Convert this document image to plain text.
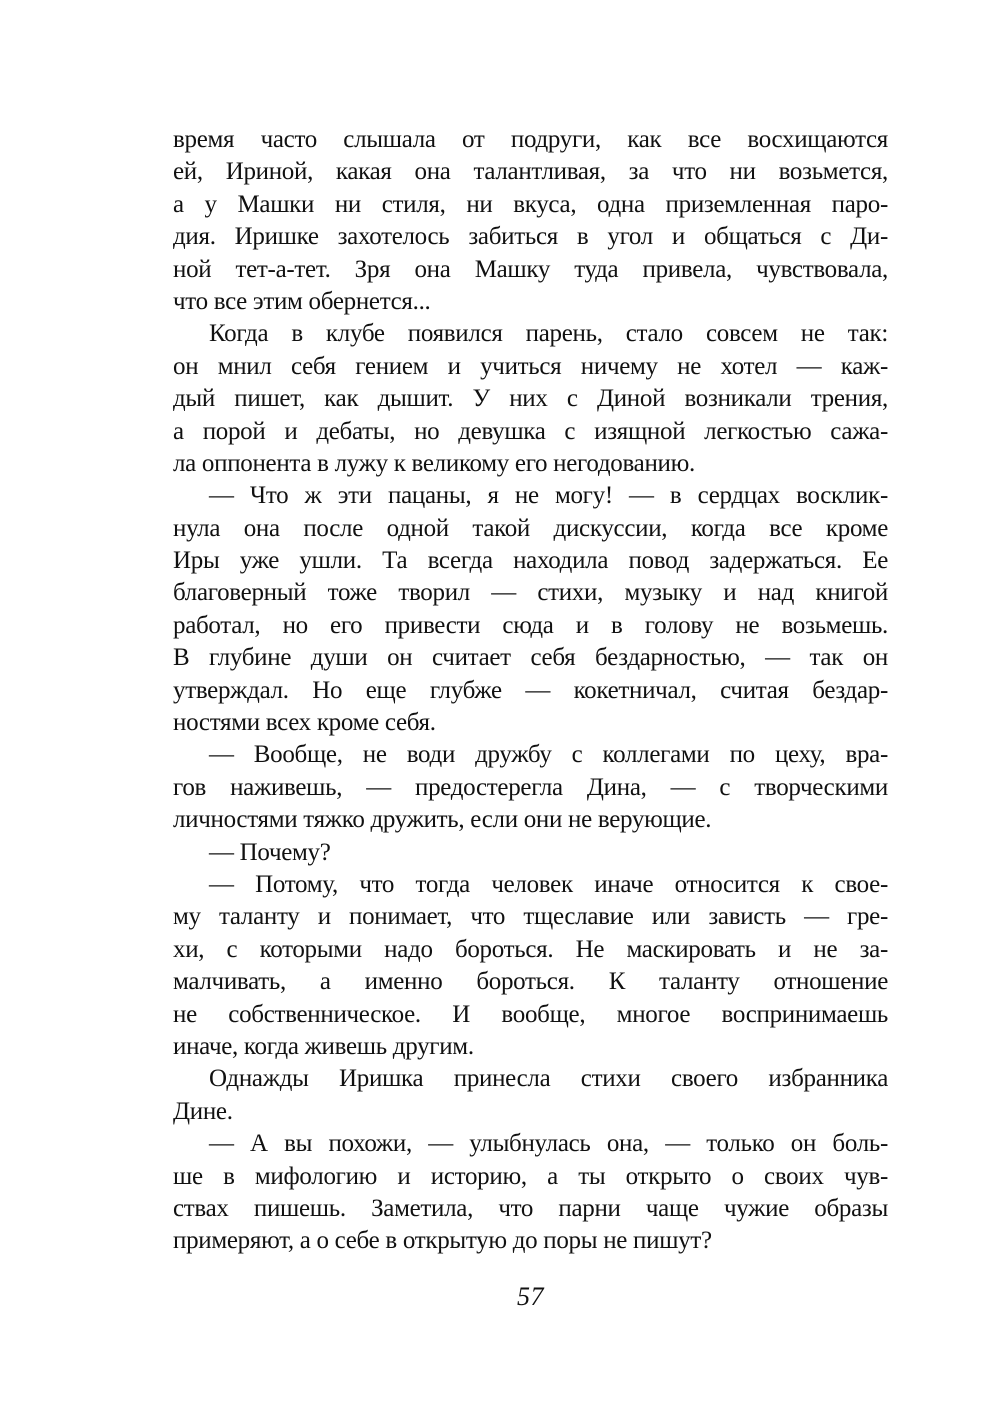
время часто слышала от подруги, как все восхищаются
ей, Ириной, какая она талантливая, за что ни возьмется,
а у Машки ни стиля, ни вкуса, одна приземленная паро-
дия. Иришке захотелось забиться в угол и общаться с Ди-
ной тет-а-тет. Зря она Машку туда привела, чувствовала,
что все этим обернется...
Когда в клубе появился парень, стало совсем не так:
он мнил себя гением и учиться ничему не хотел — каж-
дый пишет, как дышит. У них с Диной возникали трения,
а порой и дебаты, но девушка с изящной легкостью сажа-
ла оппонента в лужу к великому его негодованию.
— Что ж эти пацаны, я не могу! — в сердцах восклик-
нула она после одной такой дискуссии, когда все кроме
Иры уже ушли. Та всегда находила повод задержаться. Ее
благоверный тоже творил — стихи, музыку и над книгой
работал, но его привести сюда и в голову не возьмешь.
В глубине души он считает себя бездарностью, — так он
утверждал. Но еще глубже — кокетничал, считая бездар-
ностями всех кроме себя.
— Вообще, не води дружбу с коллегами по цеху, вра-
гов наживешь, — предостерегла Дина, — с творческими
личностями тяжко дружить, если они не верующие.
— Почему?
— Потому, что тогда человек иначе относится к свое-
му таланту и понимает, что тщеславие или зависть — гре-
хи, с которыми надо бороться. Не маскировать и не за-
малчивать, а именно бороться. К таланту отношение
не собственническое. И вообще, многое воспринимаешь
иначе, когда живешь другим.
Однажды Иришка принесла стихи своего избранника
Дине.
— А вы похожи, — улыбнулась она, — только он боль-
ше в мифологию и историю, а ты открыто о своих чув-
ствах пишешь. Заметила, что парни чаще чужие образы
примеряют, а о себе в открытую до поры не пишут?
57
